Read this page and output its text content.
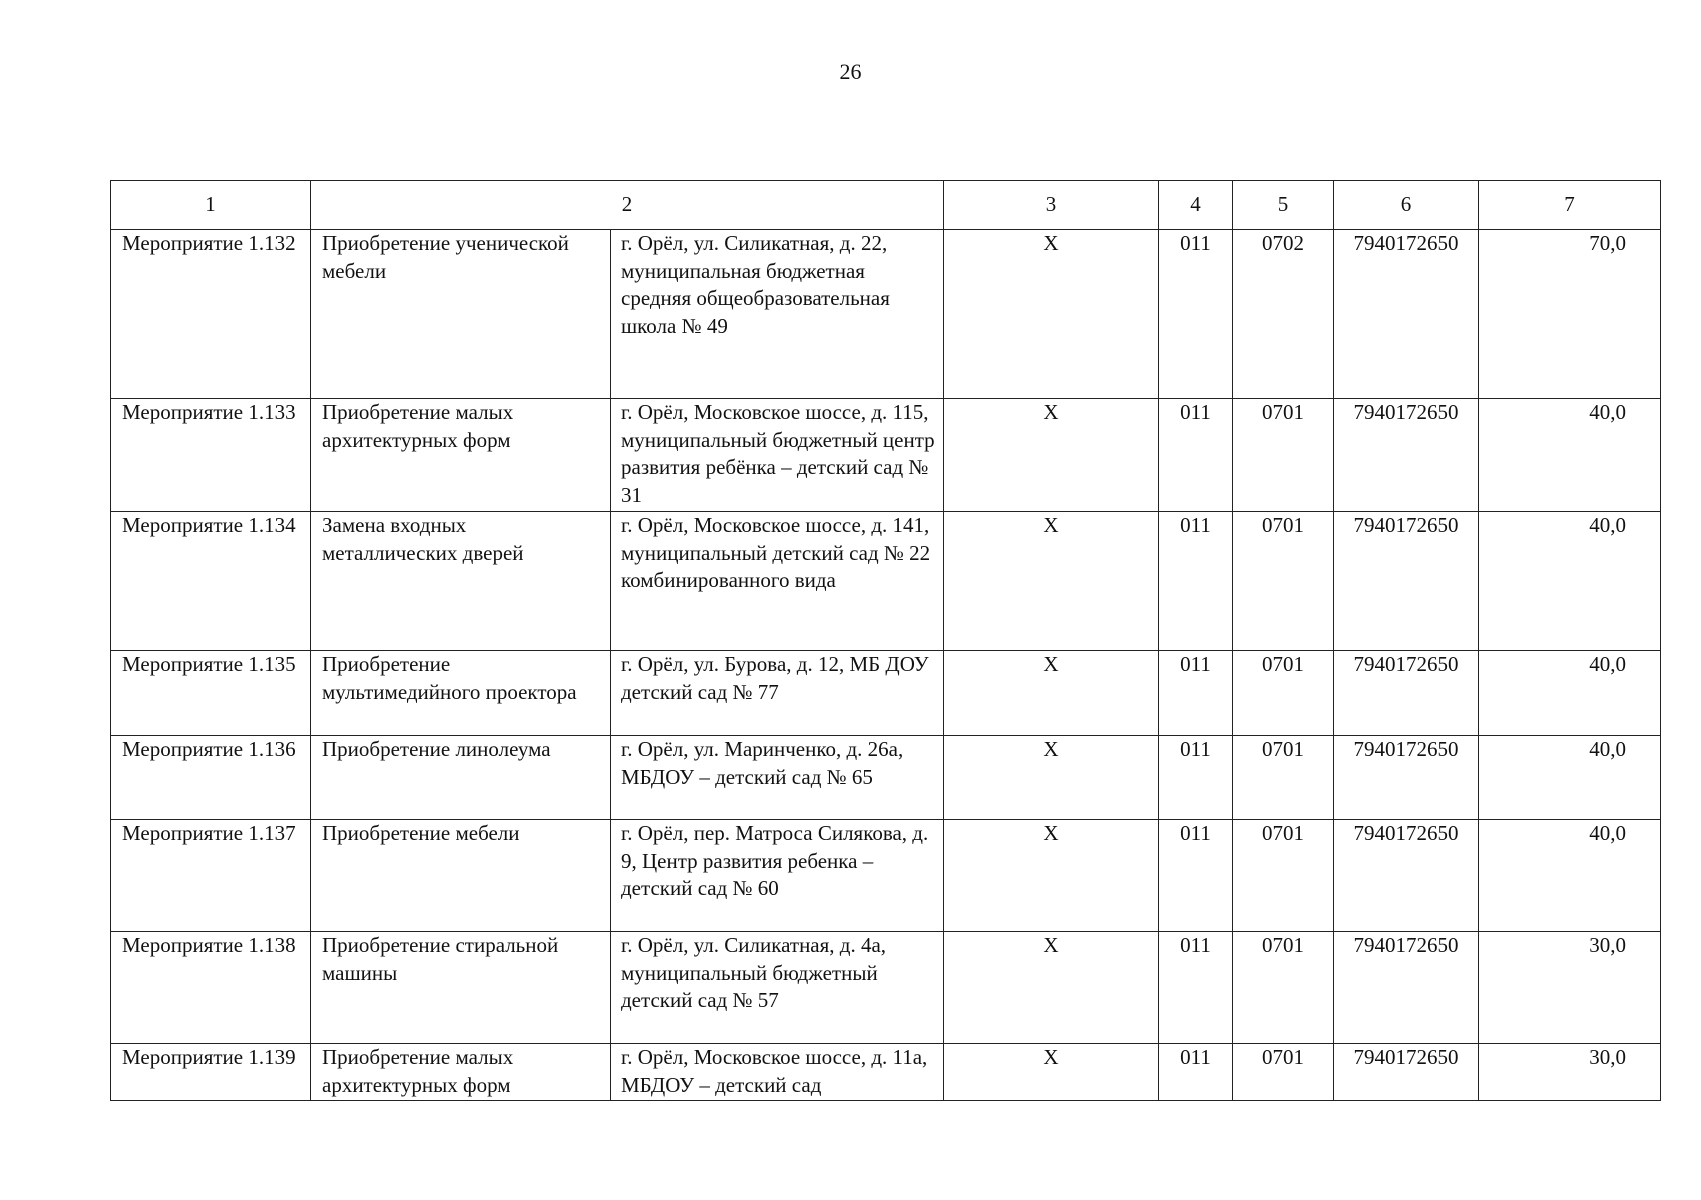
26
1	2		3	4	5	6	7
Мероприятие 1.132	Приобретение ученической мебели	г. Орёл, ул. Силикатная, д. 22, муниципальная бюджетная средняя общеобразовательная школа № 49	Х	011	0702	7940172650	70,0
Мероприятие 1.133	Приобретение малых архитектурных форм	г. Орёл, Московское шоссе, д. 115, муниципальный бюджетный центр развития ребёнка – детский сад № 31	Х	011	0701	7940172650	40,0
Мероприятие 1.134	Замена входных металлических дверей	г. Орёл, Московское шоссе, д. 141, муниципальный детский сад № 22 комбинированного вида	Х	011	0701	7940172650	40,0
Мероприятие 1.135	Приобретение мультимедийного проектора	г. Орёл, ул. Бурова, д. 12, МБ ДОУ детский сад № 77	Х	011	0701	7940172650	40,0
Мероприятие 1.136	Приобретение линолеума	г. Орёл, ул. Маринченко, д. 26а, МБДОУ – детский сад № 65	Х	011	0701	7940172650	40,0
Мероприятие 1.137	Приобретение мебели	г. Орёл, пер. Матроса Силякова, д. 9, Центр развития ребенка – детский сад № 60	Х	011	0701	7940172650	40,0
Мероприятие 1.138	Приобретение стиральной машины	г. Орёл, ул. Силикатная, д. 4а, муниципальный бюджетный детский сад № 57	Х	011	0701	7940172650	30,0
Мероприятие 1.139	Приобретение малых архитектурных форм	г. Орёл, Московское шоссе, д. 11а, МБДОУ – детский сад	Х	011	0701	7940172650	30,0
